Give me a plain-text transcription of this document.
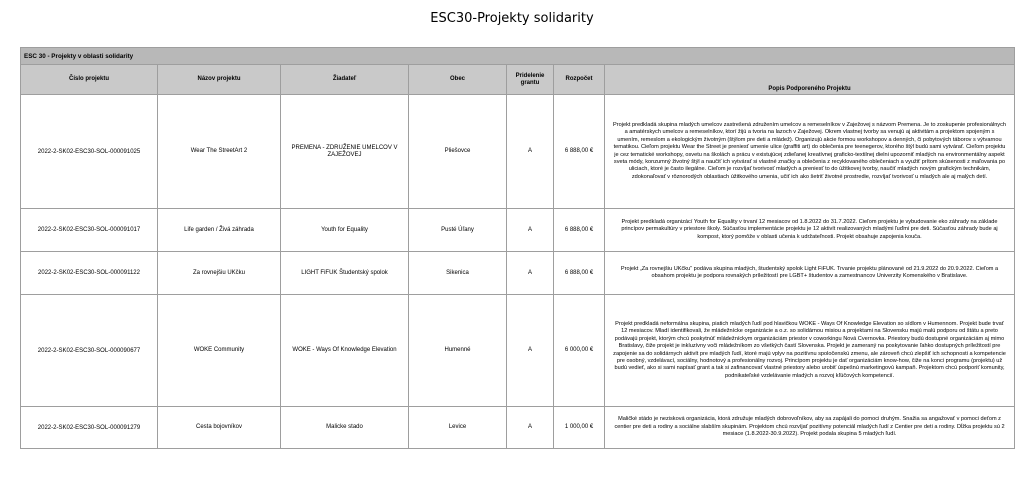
ESC30-Projekty solidarity
ESC 30 - Projekty v oblasti solidarity						
Číslo projektu	Názov projektu	Žiadateľ	Obec	Pridelenie grantu	Rozpočet	Popis Podporeného Projektu
2022-2-SK02-ESC30-SOL-000091025	Wear The StreetArt 2	PREMENA - ZDRUŽENIE UMELCOV V ZAJEŽOVEJ	Pliešovce	A	6 888,00 €	Projekt predkladá skupina mladých umelcov zastrešená združením umelcov a remeselníkov v Zaježovej s názvom Premena. Je to zoskupenie profesionálnych a amatérskych umelcov a remeselníkov, ktorí žijú a tvoria na lazoch v Zaježovej. Okrem vlastnej tvorby sa venujú aj aktivitám a projektom spojeným s umením, remeslom a ekologickým životným (štýlom pre deti a mládež). Organizujú akcie formou workshopov a denných, či pobytových táborov s výtvarnou tematikou. Cieľom projektu Wear the Street je preniesť umenie ulice (graffiti art) do oblečenia pre teenegerov, ktorého štýl budú sami vytvárať. Cieľom projektu je cez tematické workshopy, osvetu na školách a prácu v existujúcej zdieľanej kreatívnej graficko-textilnej dielni upozorniť mladých na environmentálny aspekt sveta módy, konzumný životný štýl a naučiť ich vytvárať si vlastné značky a oblečenia z recyklovaného oblečeniach a využiť prítom skúsenosti z maľovania po uliciach, ktoré je často ilegálne. Cieľom je rozvíjať tvorivosť mladých a preniesť to do úžitkovej tvorby, naučiť mladých novým grafickým technikám, zdokonaľovať v rôznorodých oblastiach úžitkového umenia, učiť ich ako šetriť životné prostredie, rozvíjať tvorivosť u mladých ale aj malých detí.
2022-2-SK02-ESC30-SOL-000091017	Life garden / Živá záhrada	Youth for Equality	Pusté Úľany	A	6 888,00 €	Projekt predkladá organizácí Youth for Equality v trvaní 12 mesiacov od 1.8.2022 do 31.7.2022. Cieľom projektu je vybudovanie eko záhrady na základe princípov permakultúry v priestore školy. Súčasťou implementácie projektu je 12 aktivít realizovaných mladými ľuďmi pre deti. Súčasťou záhrady bude aj kompost, ktorý pomôže v oblasti učenia k udržateľnosti. Projekt obsahuje zapojenia kouča.
2022-2-SK02-ESC30-SOL-000091122	Za rovnejšiu UKčku	LIGHT FiFUK Študentský spolok	Sikenica	A	6 888,00 €	Projekt „Za rovnejšiu UKčku“ podáva skupina mladých, študentský spolok Light FiFUK. Trvanie projektu plánované od 21.9.2022 do 20.9.2022. Cieľom a obsahom projektu je podpora rovnakých príležitostí pre LGBT+ študentov a zamestnancov Univerzity Komenského v Bratislave.
2022-2-SK02-ESC30-SOL-000090677	WOKE Community	WOKE - Ways Of Knowledge Elevation	Humenné	A	6 000,00 €	Projekt predkladá neformálna skupina, piatich mladých ľudí pod hlavičkou WOKE - Ways Of Knowledge Elevation so sídlom v Humennom. Projekt bude trvať 12 mesiacov. Mladí identifikovali, že mládežnícke organizácie a o.z. so solidárnou misiou a projektami na Slovensku majú malú podporu od štátu a preto podávajú projekt, ktorým chcú poskytnúť mládežníckym organizáciám priestor v coworkingu Nová Cvernovka. Priestory budú dostupné organizáciám aj mimo Bratislavy, čiže projekt je inkluzívny voči mládežníkom zo všetkých častí Slovenska. Projekt je zameraný na poskytovanie ľahko dostupných príležitostí pre zapojenie sa do solidárnych aktivít pre mladých ľudí, ktoré majú vplyv na pozitívnu spoločenskú zmenu, ale zároveň chcú zlepšiť ich schopnosti a kompetencie pre osobný, vzdelávací, sociálny, hodnotový a profesionálny rozvoj. Princípom projektu je dať organizáciám know-how, čiže na konci programu (projektu) už budú vedieť, ako si sami napísať grant a tak si zafinancovať vlastné priestory alebo urobiť úspešnú marketingovú kampaň. Projektom chcú podporiť komunity, podnikateľské vzdelávanie mladých a rozvoj kľúčových kompetencií.
2022-2-SK02-ESC30-SOL-000091279	Cesta bojovníkov	Malicke stado	Levice	A	1 000,00 €	Maličké stádo je nezisková organizácia, ktorá združuje mladých dobrovoľníkov, aby sa zapájali do pomoci druhým. Snažia sa angažovať v pomoci deťom z centier pre deti a rodiny a sociálne slabším skupinám. Projektom chcú rozvíjať pozitívny potenciál mladých ľudí z Centier pre deti a rodiny. Dĺžka projektu sú 2 mesiace (1.8.2022-30.9.2022). Projekt podala skupina 5 mladých ľudí.
